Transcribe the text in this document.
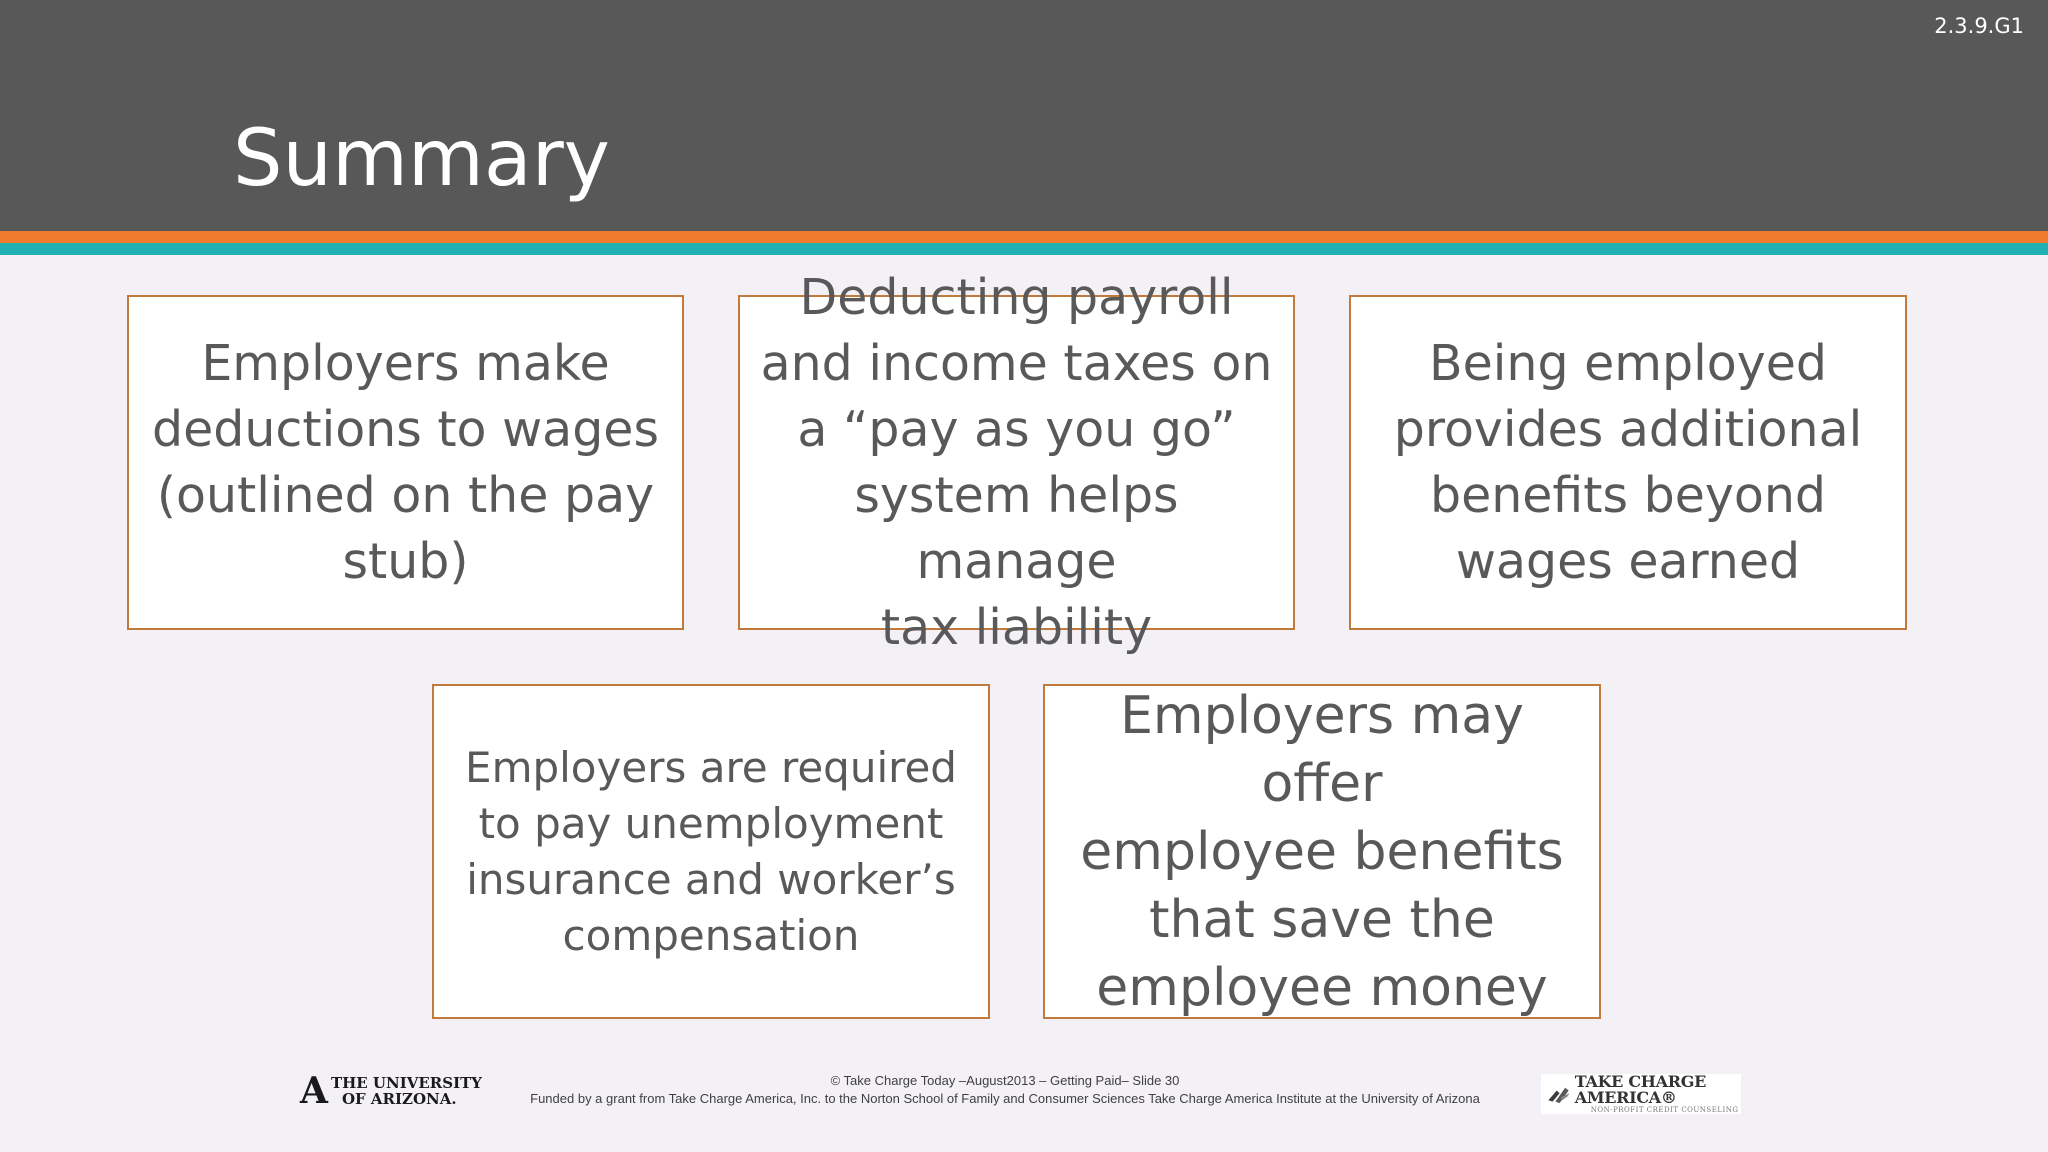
2.3.9.G1
Summary
Employers make
deductions to wages
(outlined on the pay
stub)
Deducting payroll
and income taxes on
a “pay as you go”
system helps manage
tax liability
Being employed
provides additional
benefits beyond
wages earned
Employers are required
to pay unemployment
insurance and worker’s
compensation
Employers may offer
employee benefits
that save the
employee money
A THE UNIVERSITY
OF ARIZONA.
© Take Charge Today –August2013 – Getting Paid– Slide 30
Funded by a grant from Take Charge America, Inc. to the Norton School of Family and Consumer Sciences Take Charge America Institute at the University of Arizona
TAKE CHARGE AMERICA®
NON-PROFIT CREDIT COUNSELING
